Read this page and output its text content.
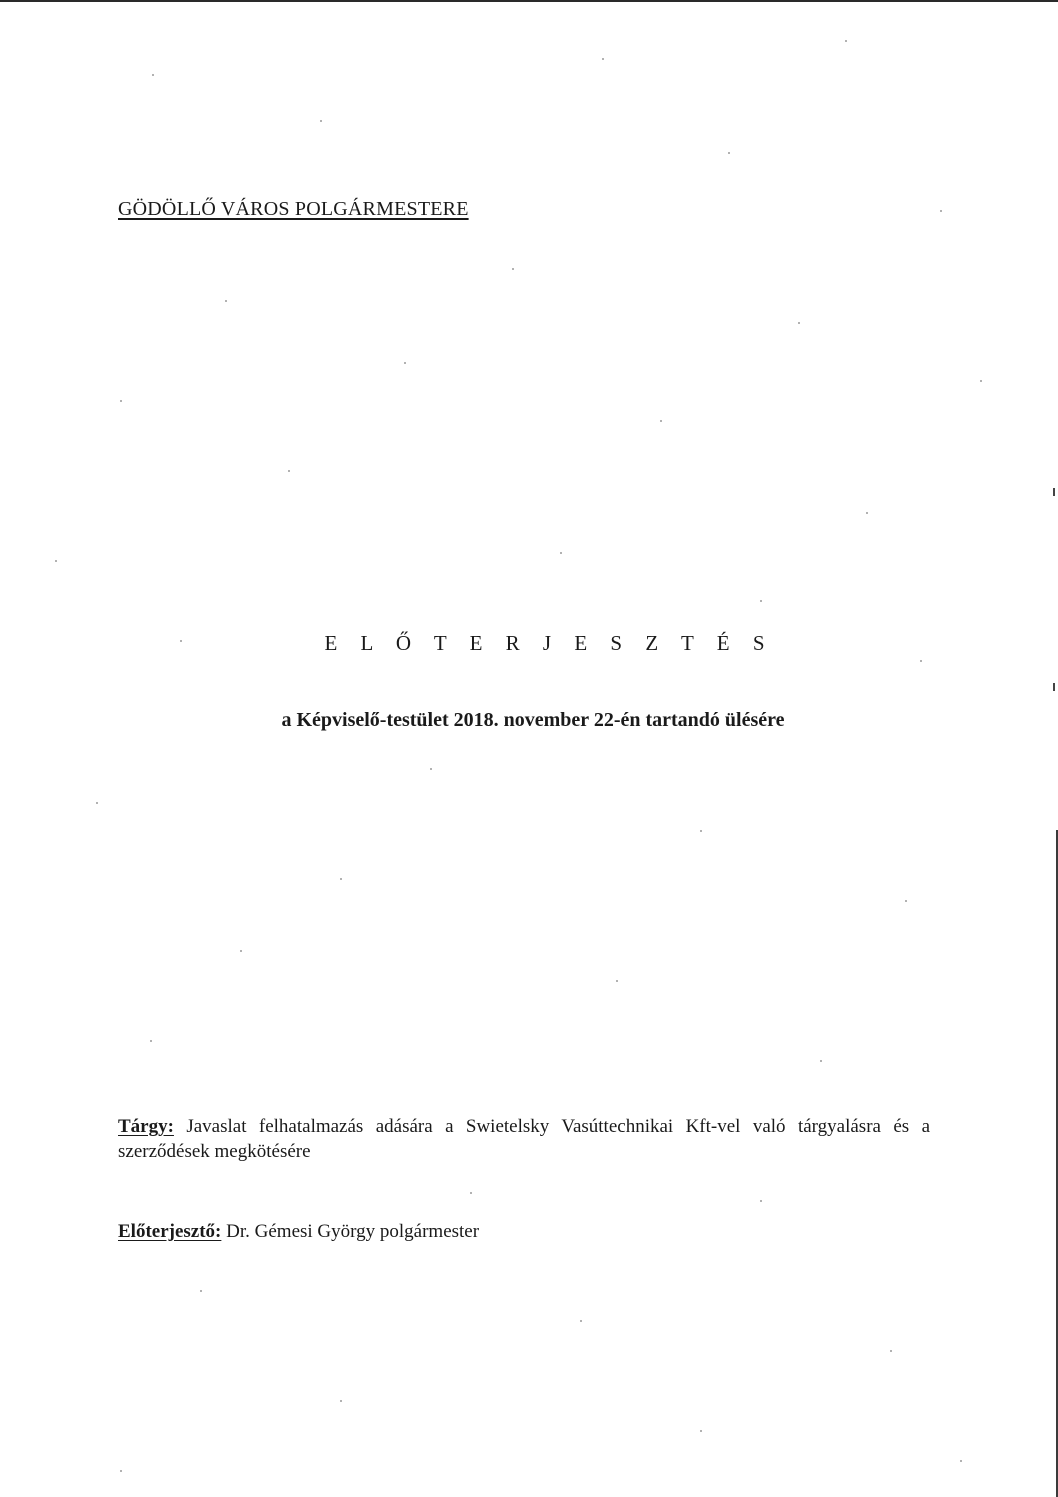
GÖDÖLLŐ VÁROS POLGÁRMESTERE
E L Ő T E R J E S Z T É S
a Képviselő-testület 2018. november 22-én tartandó ülésére
Tárgy: Javaslat felhatalmazás adására a Swietelsky Vasúttechnikai Kft-vel való tárgyalásra és a szerződések megkötésére
Előterjesztő: Dr. Gémesi György polgármester
